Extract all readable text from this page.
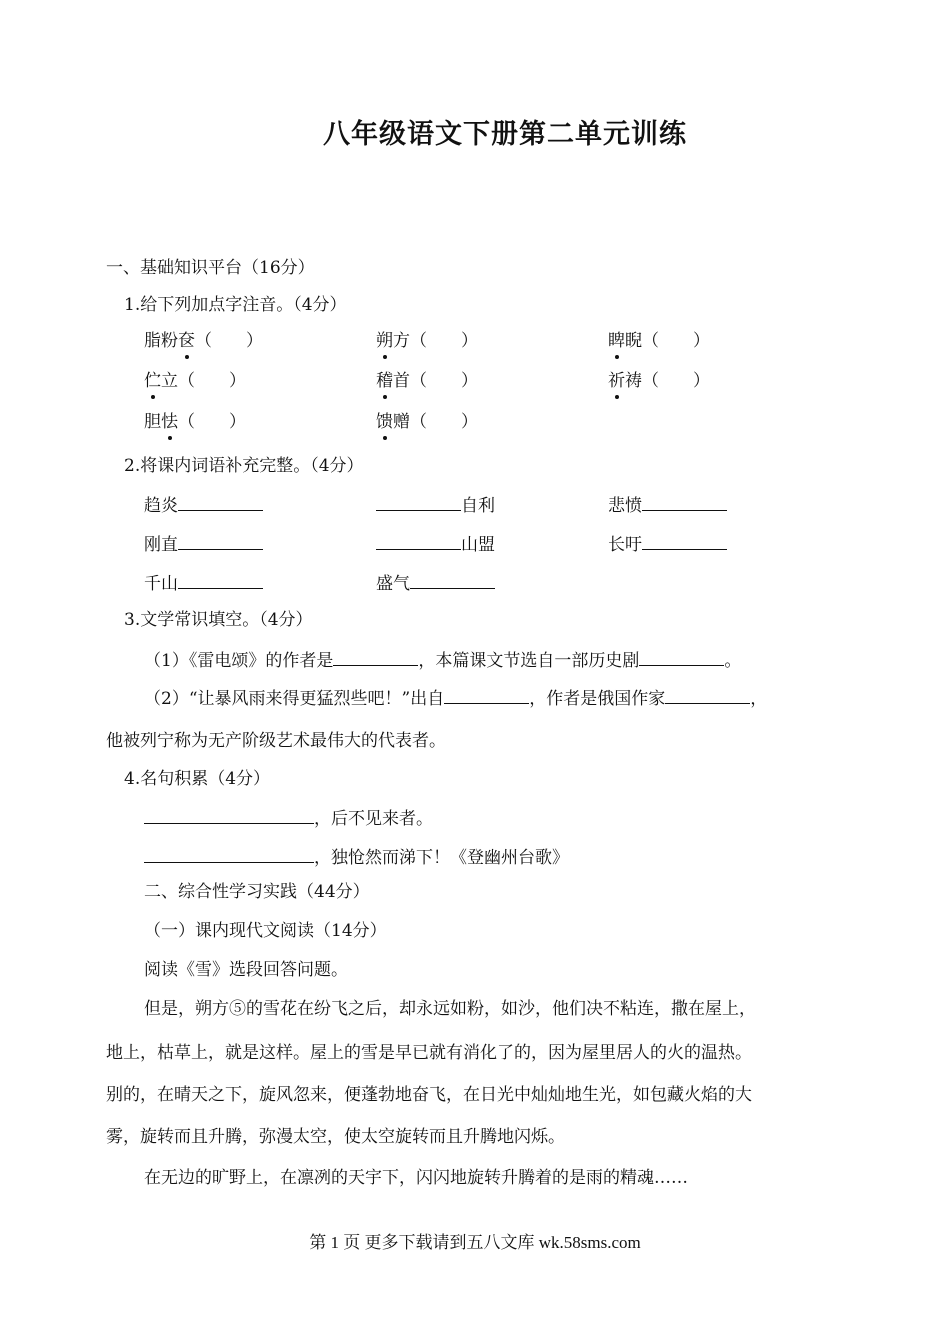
八年级语文下册第二单元训练
一、基础知识平台（16分）
1.给下列加点字注音。（4分）
脂粉奁（　　）	朔方（　　）	睥睨（　　）
伫立（　　）	稽首（　　）	祈祷（　　）
胆怯（　　）	馈赠（　　）
2.将课内词语补充完整。（4分）
趋炎	自利	悲愤
刚直	山盟	长吁
千山	盛气
3.文学常识填空。（4分）
（1）《雷电颂》的作者是	，本篇课文节选自一部历史剧	。
（2）“让暴风雨来得更猛烈些吧！”出自	，作者是俄国作家	，
他被列宁称为无产阶级艺术最伟大的代表者。
4.名句积累（4分）
，后不见来者。
，独怆然而涕下！《登幽州台歌》
二、综合性学习实践（44分）
（一）课内现代文阅读（14分）
阅读《雪》选段回答问题。
但是，朔方⑤的雪花在纷飞之后，却永远如粉，如沙，他们决不粘连，撒在屋上，
地上，枯草上，就是这样。屋上的雪是早已就有消化了的，因为屋里居人的火的温热。
别的，在晴天之下，旋风忽来，便蓬勃地奋飞，在日光中灿灿地生光，如包藏火焰的大
雾，旋转而且升腾，弥漫太空，使太空旋转而且升腾地闪烁。
在无边的旷野上，在凛冽的天宇下，闪闪地旋转升腾着的是雨的精魂……
第 1 页 更多下载请到五八文库 wk.58sms.com
